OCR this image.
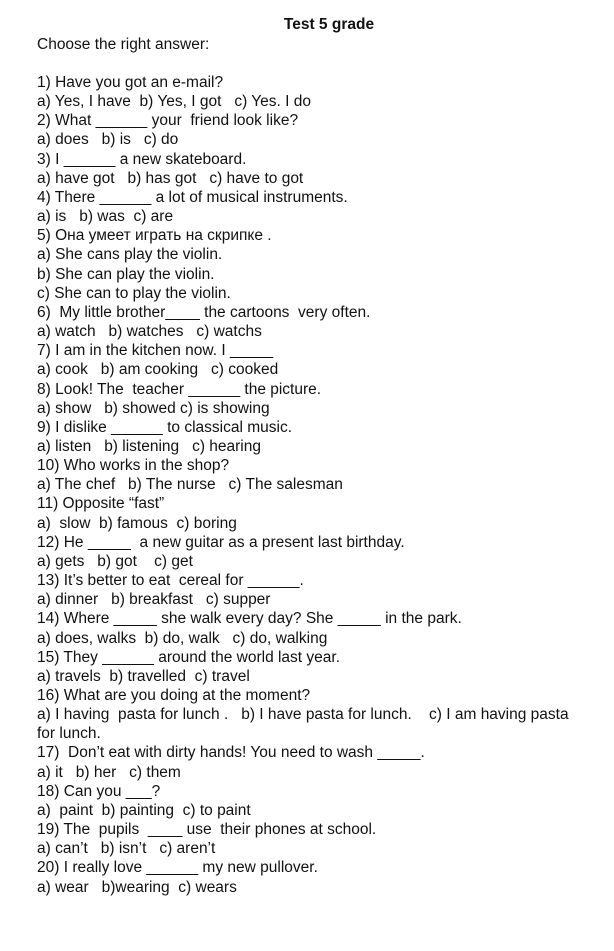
Test 5 grade
Choose the right answer:

1) Have you got an e-mail?

a) Yes, I have  b) Yes, I got   c) Yes. I do

2) What ______ your  friend look like?

a) does   b) is   c) do

3) I ______ a new skateboard.

a) have got   b) has got   c) have to got

4) There ______ a lot of musical instruments.

a) is   b) was  c) are

5) Она умеет играть на скрипке .

a) She cans play the violin.

b) She can play the violin.

c) She can to play the violin.

6)  My little brother____ the cartoons  very often.

a) watch   b) watches   c) watchs

7) I am in the kitchen now. I _____

a) cook   b) am cooking   c) cooked

8) Look! The  teacher ______ the picture.

a) show   b) showed c) is showing

9) I dislike ______ to classical music.

a) listen   b) listening   c) hearing

10) Who works in the shop?

a) The chef   b) The nurse   c) The salesman

11) Opposite “fast”

a)  slow  b) famous  c) boring

12) He _____  a new guitar as a present last birthday.

a) gets   b) got    c) get

13) It’s better to eat  cereal for ______.

a) dinner   b) breakfast   c) supper

14) Where _____ she walk every day? She _____ in the park.

a) does, walks  b) do, walk   c) do, walking

15) They ______ around the world last year.

a) travels  b) travelled  c) travel

16) What are you doing at the moment?

a) I having  pasta for lunch .   b) I have pasta for lunch.    c) I am having pasta

for lunch.

17)  Don’t eat with dirty hands! You need to wash _____.

a) it   b) her   c) them

18) Can you ___?

a)  paint  b) painting  c) to paint

19) The  pupils  ____ use  their phones at school.

a) can’t   b) isn’t   c) aren’t

20) I really love ______ my new pullover.

a) wear   b)wearing  c) wears
